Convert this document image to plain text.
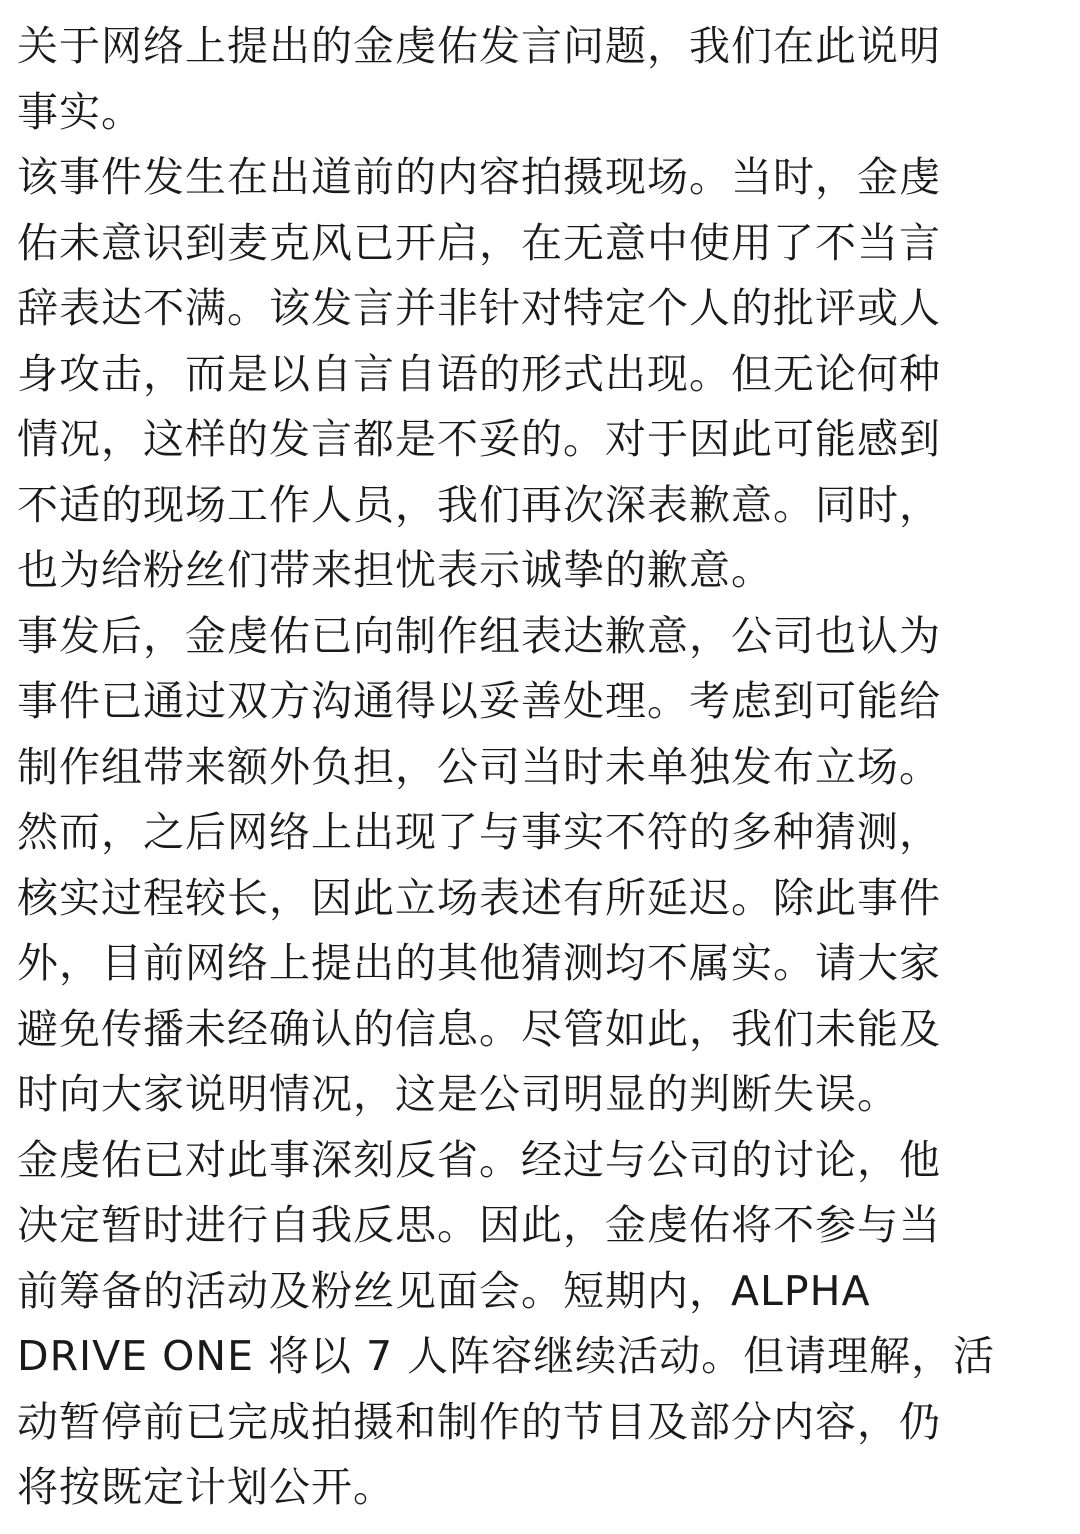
关于网络上提出的金虔佑发言问题，我们在此说明
事实。
该事件发生在出道前的内容拍摄现场。当时，金虔
佑未意识到麦克风已开启，在无意中使用了不当言
辞表达不满。该发言并非针对特定个人的批评或人
身攻击，而是以自言自语的形式出现。但无论何种
情况，这样的发言都是不妥的。对于因此可能感到
不适的现场工作人员，我们再次深表歉意。同时，
也为给粉丝们带来担忧表示诚挚的歉意。
事发后，金虔佑已向制作组表达歉意，公司也认为
事件已通过双方沟通得以妥善处理。考虑到可能给
制作组带来额外负担，公司当时未单独发布立场。
然而，之后网络上出现了与事实不符的多种猜测，
核实过程较长，因此立场表述有所延迟。除此事件
外，目前网络上提出的其他猜测均不属实。请大家
避免传播未经确认的信息。尽管如此，我们未能及
时向大家说明情况，这是公司明显的判断失误。
金虔佑已对此事深刻反省。经过与公司的讨论，他
决定暂时进行自我反思。因此，金虔佑将不参与当
前筹备的活动及粉丝见面会。短期内，ALPHA
DRIVE ONE 将以 7 人阵容继续活动。但请理解，活
动暂停前已完成拍摄和制作的节目及部分内容，仍
将按既定计划公开。
